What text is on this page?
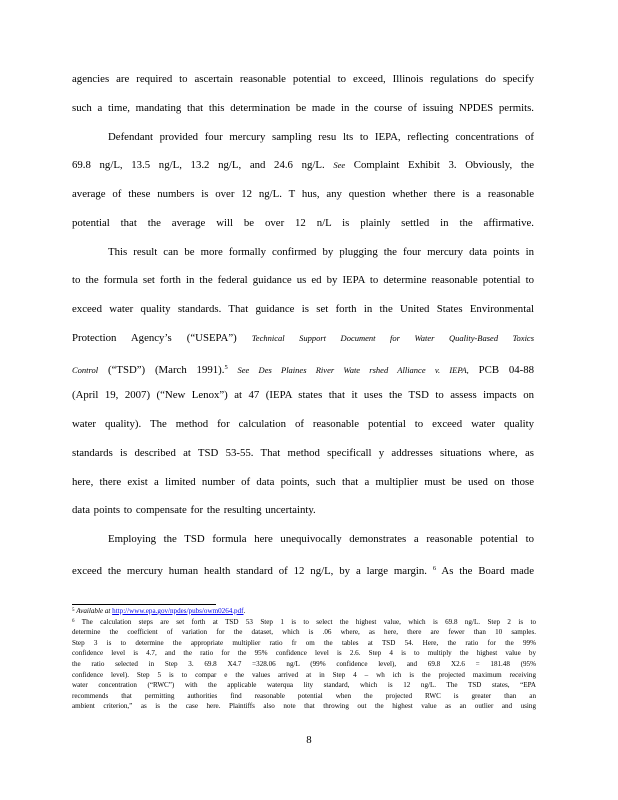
agencies are required to ascertain reasonable potential to exceed, Illinois regulations do specify
such a time, mandating that this determination be made in the course of issuing NPDES permits.
Defendant provided four mercury sampling resu lts to IEPA, reflecting concentrations of
69.8 ng/L, 13.5 ng/L, 13.2 ng/L, and 24.6 ng/L. See Complaint Exhibit 3. Obviously, the
average of these numbers is over 12 ng/L. T hus, any question whether there is a reasonable
potential that the average will be over 12 n/L is plainly settled in the affirmative.
This result can be more formally confirmed by plugging the four mercury data points in
to the formula set forth in the federal guidance us ed by IEPA to determine reasonable potential to
exceed water quality standards. That guidance is set forth in the United States Environmental
Protection Agency’s (“USEPA”) Technical Support Document for Water Quality-Based Toxics
Control (“TSD”) (March 1991).$^5$ See Des Plaines River Wate rshed Alliance v. IEPA, PCB 04-88
(April 19, 2007) (“New Lenox”) at 47 (IEPA states that it uses the TSD to assess impacts on
water quality). The method for calculation of reasonable potential to exceed water quality
standards is described at TSD 53-55. That method specificall y addresses situations where, as
here, there exist a limited number of data points, such that a multiplier must be used on those
data points to compensate for the resulting uncertainty.
Employing the TSD formula here unequivocally demonstrates a reasonable potential to
exceed the mercury human health standard of 12 ng/L, by a large margin. $^6$ As the Board made
$^5$ Available at http://www.epa.gov/npdes/pubs/owm0264.pdf.
$^6$ The calculation steps are set forth at TSD 53 Step 1 is to select the highest value, which is 69.8 ng/L. Step 2 is to
determine the coefficient of variation for the dataset, which is .06 where, as here, there are fewer than 10 samples.
Step 3 is to determine the appropriate multiplier ratio fr om the tables at TSD 54. Here, the ratio for the 99%
confidence level is 4.7, and the ratio for the 95% confidence level is 2.6. Step 4 is to multiply the highest value by
the ratio selected in Step 3. 69.8 X4.7 =328.06 ng/L (99% confidence level), and 69.8 X2.6 = 181.48 (95%
confidence level). Step 5 is to compar e the values arrived at in Step 4 – wh ich is the projected maximum receiving
water concentration (“RWC”) with the applicable waterqua lity standard, which is 12 ng/L. The TSD states, “EPA
recommends that permitting authorities find reasonable potential when the projected RWC is greater than an
ambient criterion,” as is the case here. Plaintiffs also note that throwing out the highest value as an outlier and using
8
